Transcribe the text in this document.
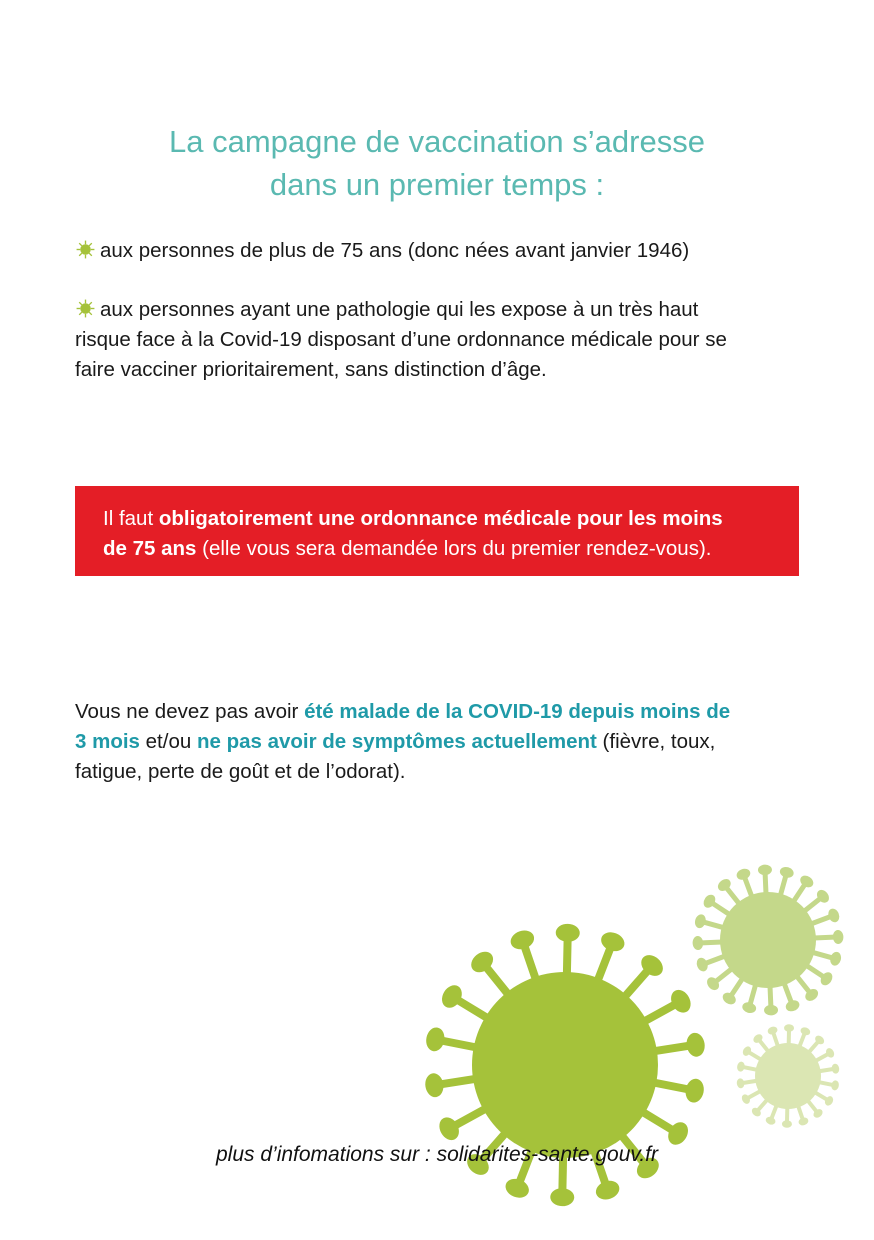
La campagne de vaccination s’adresse
dans un premier temps :
aux personnes de plus de 75 ans (donc nées avant janvier 1946)
aux personnes ayant une pathologie qui les expose à un très haut
risque face à la Covid-19 disposant d’une ordonnance médicale pour se
faire vacciner prioritairement, sans distinction d’âge.
Il faut obligatoirement une ordonnance médicale pour les moins
de 75 ans (elle vous sera demandée lors du premier rendez-vous).
Vous ne devez pas avoir été malade de la COVID-19 depuis moins de
3 mois et/ou ne pas avoir de symptômes actuellement (fièvre, toux,
fatigue, perte de goût et de l’odorat).
plus d’infomations sur : solidarites-sante.gouv.fr
